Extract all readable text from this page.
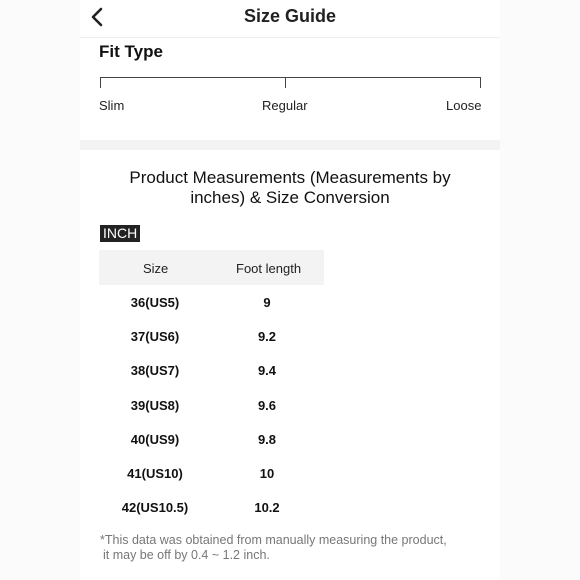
Size Guide
Fit Type
Slim	Regular	Loose
Product Measurements (Measurements by
inches) & Size Conversion
INCH
Size	Foot length
36(US5)	9
37(US6)	9.2
38(US7)	9.4
39(US8)	9.6
40(US9)	9.8
41(US10)	10
42(US10.5)	10.2
*This data was obtained from manually measuring the product,
it may be off by 0.4 ~ 1.2 inch.
